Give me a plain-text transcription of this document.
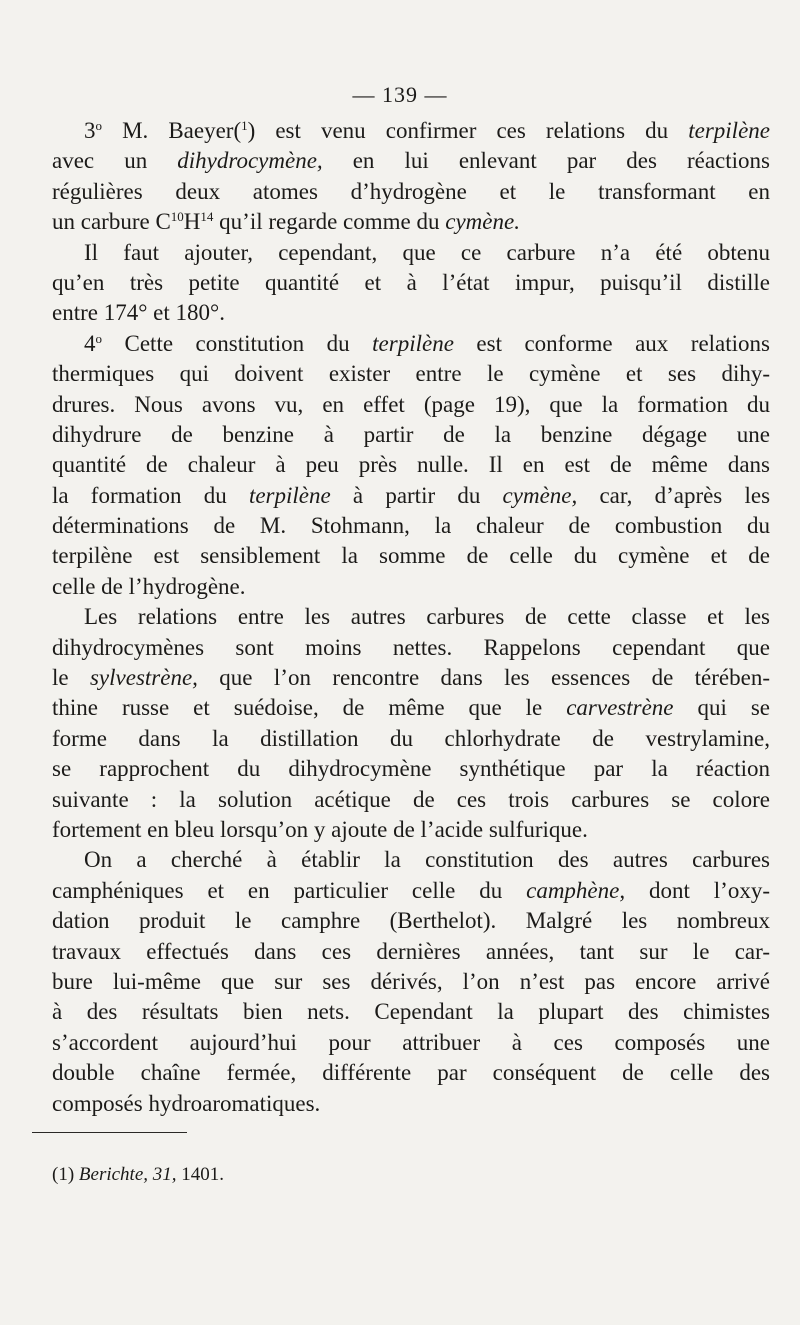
— 139 —
3$^o$ M. Baeyer($^1$) est venu confirmer ces relations du terpilène
avec un dihydrocymène, en lui enlevant par des réactions
régulières deux atomes d’hydrogène et le transformant en
un carbure $C^{10}H^{14}$ qu’il regarde comme du cymène.
Il faut ajouter, cependant, que ce carbure n’a été obtenu
qu’en très petite quantité et à l’état impur, puisqu’il distille
entre 174° et 180°.
4$^o$ Cette constitution du terpilène est conforme aux relations
thermiques qui doivent exister entre le cymène et ses dihy-
drures. Nous avons vu, en effet (page 19), que la formation du
dihydrure de benzine à partir de la benzine dégage une
quantité de chaleur à peu près nulle. Il en est de même dans
la formation du terpilène à partir du cymène, car, d’après les
déterminations de M. Stohmann, la chaleur de combustion du
terpilène est sensiblement la somme de celle du cymène et de
celle de l’hydrogène.
Les relations entre les autres carbures de cette classe et les
dihydrocymènes sont moins nettes. Rappelons cependant que
le sylvestrène, que l’on rencontre dans les essences de térében-
thine russe et suédoise, de même que le carvestrène qui se
forme dans la distillation du chlorhydrate de vestrylamine,
se rapprochent du dihydrocymène synthétique par la réaction
suivante : la solution acétique de ces trois carbures se colore
fortement en bleu lorsqu’on y ajoute de l’acide sulfurique.
On a cherché à établir la constitution des autres carbures
camphéniques et en particulier celle du camphène, dont l’oxy-
dation produit le camphre (Berthelot). Malgré les nombreux
travaux effectués dans ces dernières années, tant sur le car-
bure lui-même que sur ses dérivés, l’on n’est pas encore arrivé
à des résultats bien nets. Cependant la plupart des chimistes
s’accordent aujourd’hui pour attribuer à ces composés une
double chaîne fermée, différente par conséquent de celle des
composés hydroaromatiques.
(1) Berichte, 31, 1401.
